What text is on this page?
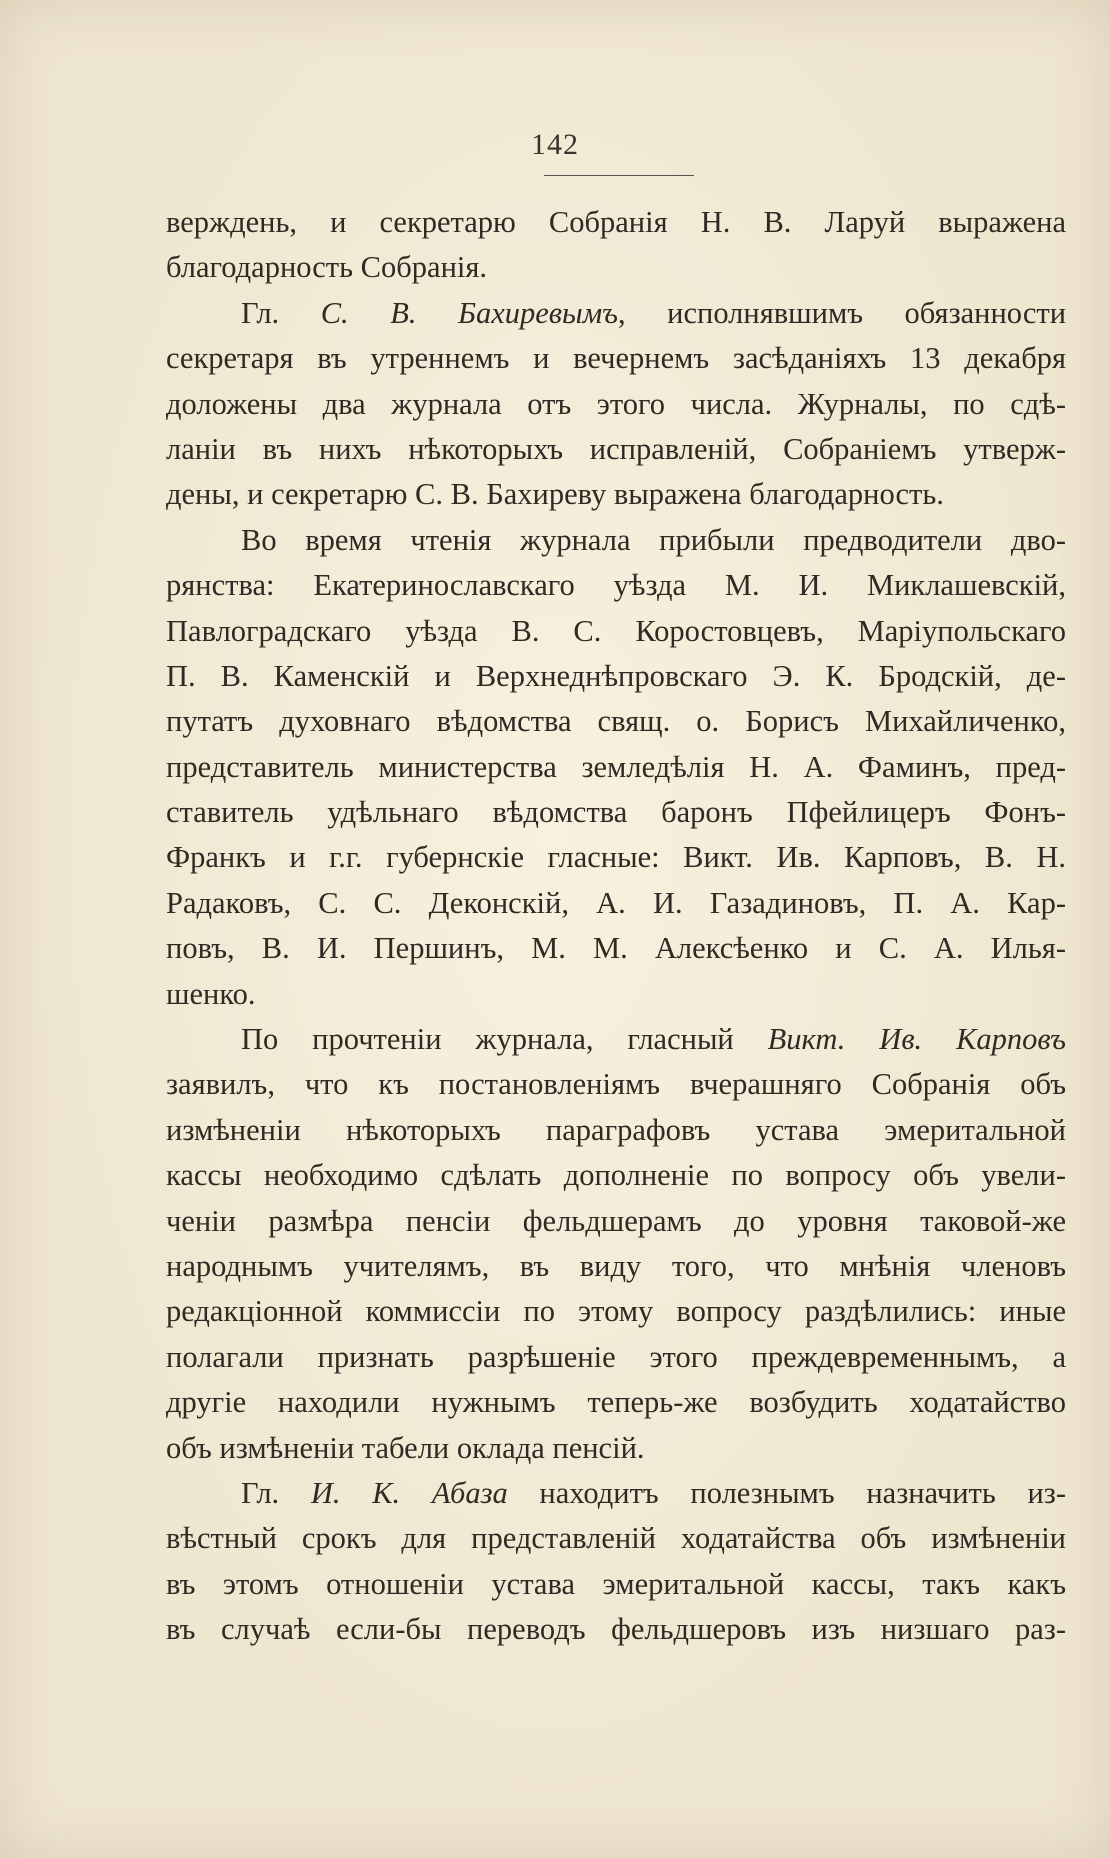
142
верждень, и секретарю Собранія Н. В. Ларуй выражена
благодарность Собранія.
Гл. С. В. Бахиревымъ, исполнявшимъ обязанности
секретаря въ утреннемъ и вечернемъ засѣданіяхъ 13 декабря
доложены два журнала отъ этого числа. Журналы, по сдѣ-
ланіи въ нихъ нѣкоторыхъ исправленій, Собраніемъ утверж-
дены, и секретарю С. В. Бахиреву выражена благодарность.
Во время чтенія журнала прибыли предводители дво-
рянства: Екатеринославскаго уѣзда М. И. Миклашевскій,
Павлоградскаго уѣзда В. С. Коростовцевъ, Маріупольскаго
П. В. Каменскій и Верхнеднѣпровскаго Э. К. Бродскій, де-
путатъ духовнаго вѣдомства свящ. о. Борисъ Михайличенко,
представитель министерства земледѣлія Н. А. Фаминъ, пред-
ставитель удѣльнаго вѣдомства баронъ Пфейлицеръ Фонъ-
Франкъ и г.г. губернскіе гласные: Викт. Ив. Карповъ, В. Н.
Радаковъ, С. С. Деконскій, А. И. Газадиновъ, П. А. Кар-
повъ, В. И. Першинъ, М. М. Алексѣенко и С. А. Илья-
шенко.
По прочтеніи журнала, гласный Викт. Ив. Карповъ
заявилъ, что къ постановленіямъ вчерашняго Собранія объ
измѣненіи нѣкоторыхъ параграфовъ устава эмеритальной
кассы необходимо сдѣлать дополненіе по вопросу объ увели-
ченіи размѣра пенсіи фельдшерамъ до уровня таковой-же
народнымъ учителямъ, въ виду того, что мнѣнія членовъ
редакціонной коммиссіи по этому вопросу раздѣлились: иные
полагали признать разрѣшеніе этого преждевременнымъ, а
другіе находили нужнымъ теперь-же возбудить ходатайство
объ измѣненіи табели оклада пенсій.
Гл. И. К. Абаза находитъ полезнымъ назначить из-
вѣстный срокъ для представленій ходатайства объ измѣненіи
въ этомъ отношеніи устава эмеритальной кассы, такъ какъ
въ случаѣ если-бы переводъ фельдшеровъ изъ низшаго раз-
